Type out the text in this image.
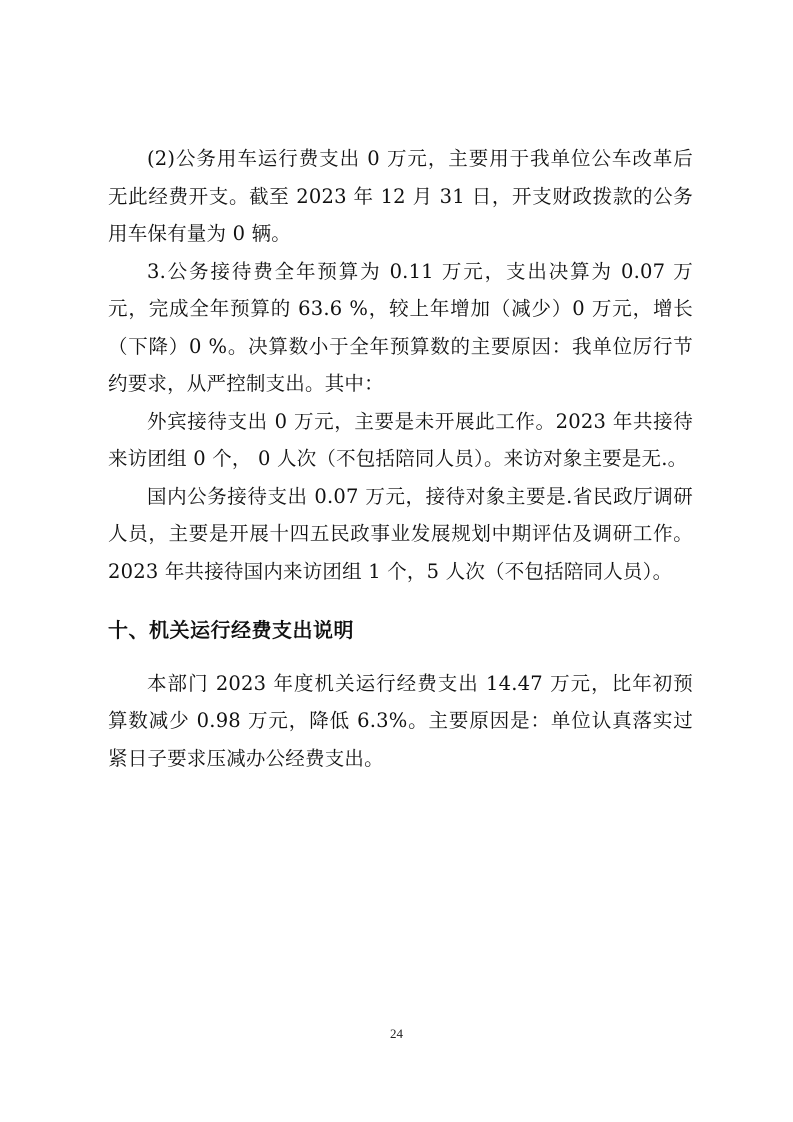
(2)公务用车运行费支出 0 万元，主要用于我单位公车改革后无此经费开支。截至 2023 年 12 月 31 日，开支财政拨款的公务用车保有量为 0 辆。

3.公务接待费全年预算为 0.11 万元，支出决算为 0.07 万元，完成全年预算的 63.6 %，较上年增加（减少）0 万元，增长（下降）0 %。决算数小于全年预算数的主要原因：我单位厉行节约要求，从严控制支出。其中：

外宾接待支出 0 万元，主要是未开展此工作。2023 年共接待来访团组 0 个， 0 人次（不包括陪同人员）。来访对象主要是无.。

国内公务接待支出 0.07 万元，接待对象主要是.省民政厅调研人员，主要是开展十四五民政事业发展规划中期评估及调研工作。2023 年共接待国内来访团组 1 个，5 人次（不包括陪同人员）。

十、机关运行经费支出说明

本部门 2023 年度机关运行经费支出 14.47 万元，比年初预算数减少 0.98 万元，降低 6.3%。主要原因是：单位认真落实过紧日子要求压减办公经费支出。

24
